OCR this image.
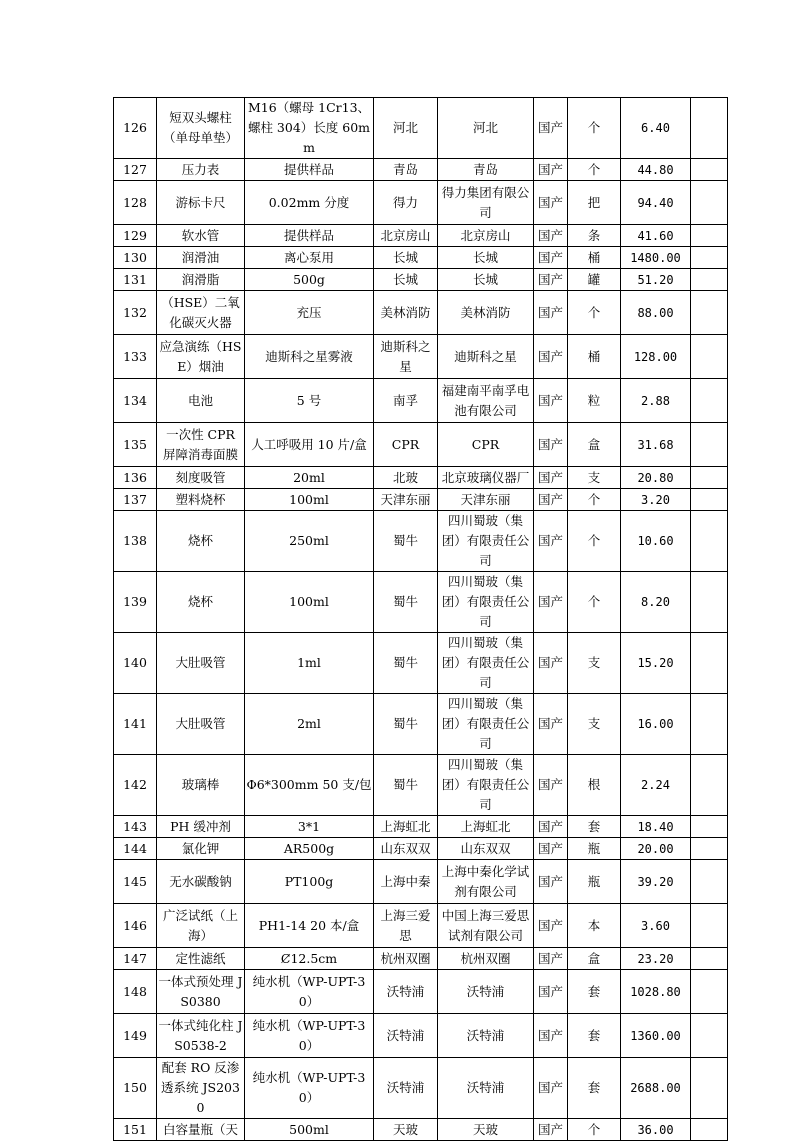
126	短双头螺柱（单母单垫）	M16（螺母 1Cr13、螺柱 304）长度 60mm	河北	河北	国产	个	6.40	
127	压力表	提供样品	青岛	青岛	国产	个	44.80	
128	游标卡尺	0.02mm 分度	得力	得力集团有限公司	国产	把	94.40	
129	软水管	提供样品	北京房山	北京房山	国产	条	41.60	
130	润滑油	离心泵用	长城	长城	国产	桶	1480.00	
131	润滑脂	500g	长城	长城	国产	罐	51.20	
132	（HSE）二氧化碳灭火器	充压	美林消防	美林消防	国产	个	88.00	
133	应急演练（HSE）烟油	迪斯科之星雾液	迪斯科之星	迪斯科之星	国产	桶	128.00	
134	电池	5 号	南孚	福建南平南孚电池有限公司	国产	粒	2.88	
135	一次性 CPR 屏障消毒面膜	人工呼吸用 10 片/盒	CPR	CPR	国产	盒	31.68	
136	刻度吸管	20ml	北玻	北京玻璃仪器厂	国产	支	20.80	
137	塑料烧杯	100ml	天津东丽	天津东丽	国产	个	3.20	
138	烧杯	250ml	蜀牛	四川蜀玻（集团）有限责任公司	国产	个	10.60	
139	烧杯	100ml	蜀牛	四川蜀玻（集团）有限责任公司	国产	个	8.20	
140	大肚吸管	1ml	蜀牛	四川蜀玻（集团）有限责任公司	国产	支	15.20	
141	大肚吸管	2ml	蜀牛	四川蜀玻（集团）有限责任公司	国产	支	16.00	
142	玻璃棒	Φ6*300mm 50 支/包	蜀牛	四川蜀玻（集团）有限责任公司	国产	根	2.24	
143	PH 缓冲剂	3*1	上海虹北	上海虹北	国产	套	18.40	
144	氯化钾	AR500g	山东双双	山东双双	国产	瓶	20.00	
145	无水碳酸钠	PT100g	上海中秦	上海中秦化学试剂有限公司	国产	瓶	39.20	
146	广泛试纸（上海）	PH1-14 20 本/盒	上海三爱思	中国上海三爱思试剂有限公司	国产	本	3.60	
147	定性滤纸	Ȼ12.5cm	杭州双圈	杭州双圈	国产	盒	23.20	
148	一体式预处理 JS0380	纯水机（WP-UPT-30）	沃特浦	沃特浦	国产	套	1028.80	
149	一体式纯化柱 JS0538-2	纯水机（WP-UPT-30）	沃特浦	沃特浦	国产	套	1360.00	
150	配套 RO 反渗透系统 JS2030	纯水机（WP-UPT-30）	沃特浦	沃特浦	国产	套	2688.00	
151	白容量瓶（天	500ml	天玻	天玻	国产	个	36.00	
